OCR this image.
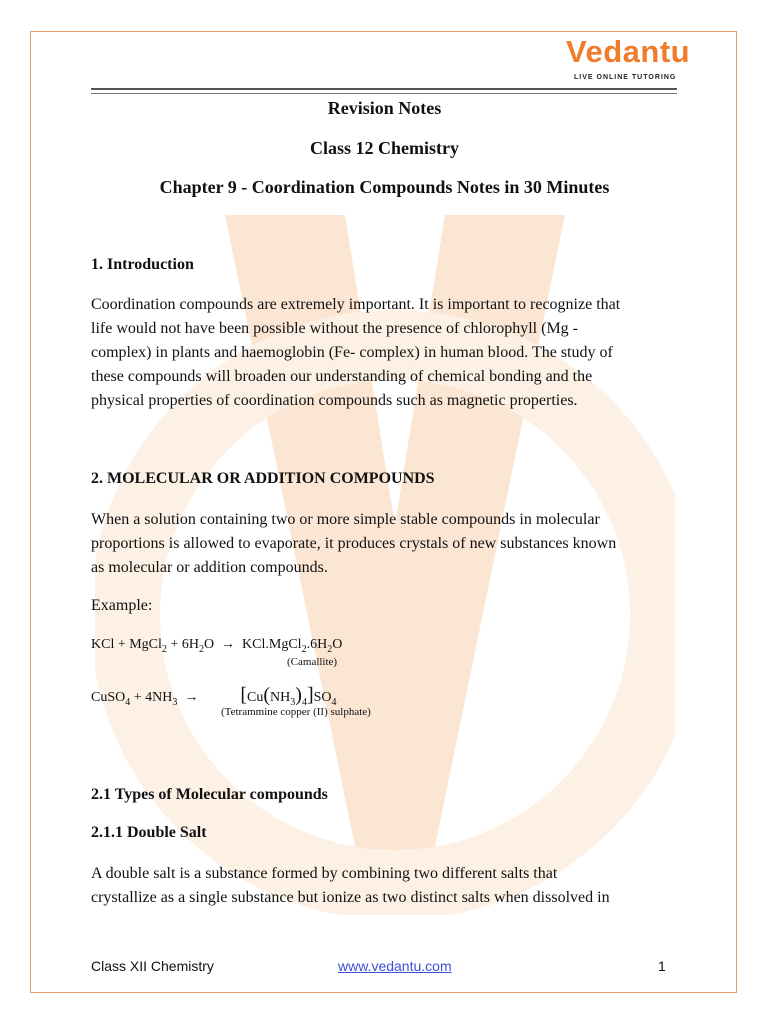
Vedantu
LIVE ONLINE TUTORING
Revision Notes
Class 12 Chemistry
Chapter 9 - Coordination Compounds Notes in 30 Minutes
1. Introduction

Coordination compounds are extremely important. It is important to recognize that

life would not have been possible without the presence of chlorophyll (Mg -

complex) in plants and haemoglobin (Fe- complex) in human blood. The study of

these compounds will broaden our understanding of chemical bonding and the

physical properties of coordination compounds such as magnetic properties.

2. MOLECULAR OR ADDITION COMPOUNDS

When a solution containing two or more simple stable compounds in molecular

proportions is allowed to evaporate, it produces crystals of new substances known

as molecular or addition compounds.

Example:
KCl + MgCl$_2$ + $6H_2O$  →  $KCl.MgCl_2.6H_2O$
(Camallite)
CuSO$_4$ + $4NH_3$  →            $[Cu(NH_3)_4]SO_4$
(Tetrammine copper (II) sulphate)
2.1 Types of Molecular compounds
2.1.1 Double Salt

A double salt is a substance formed by combining two different salts that

crystallize as a single substance but ionize as two distinct salts when dissolved in

Class XII Chemistry	www.vedantu.com	1
